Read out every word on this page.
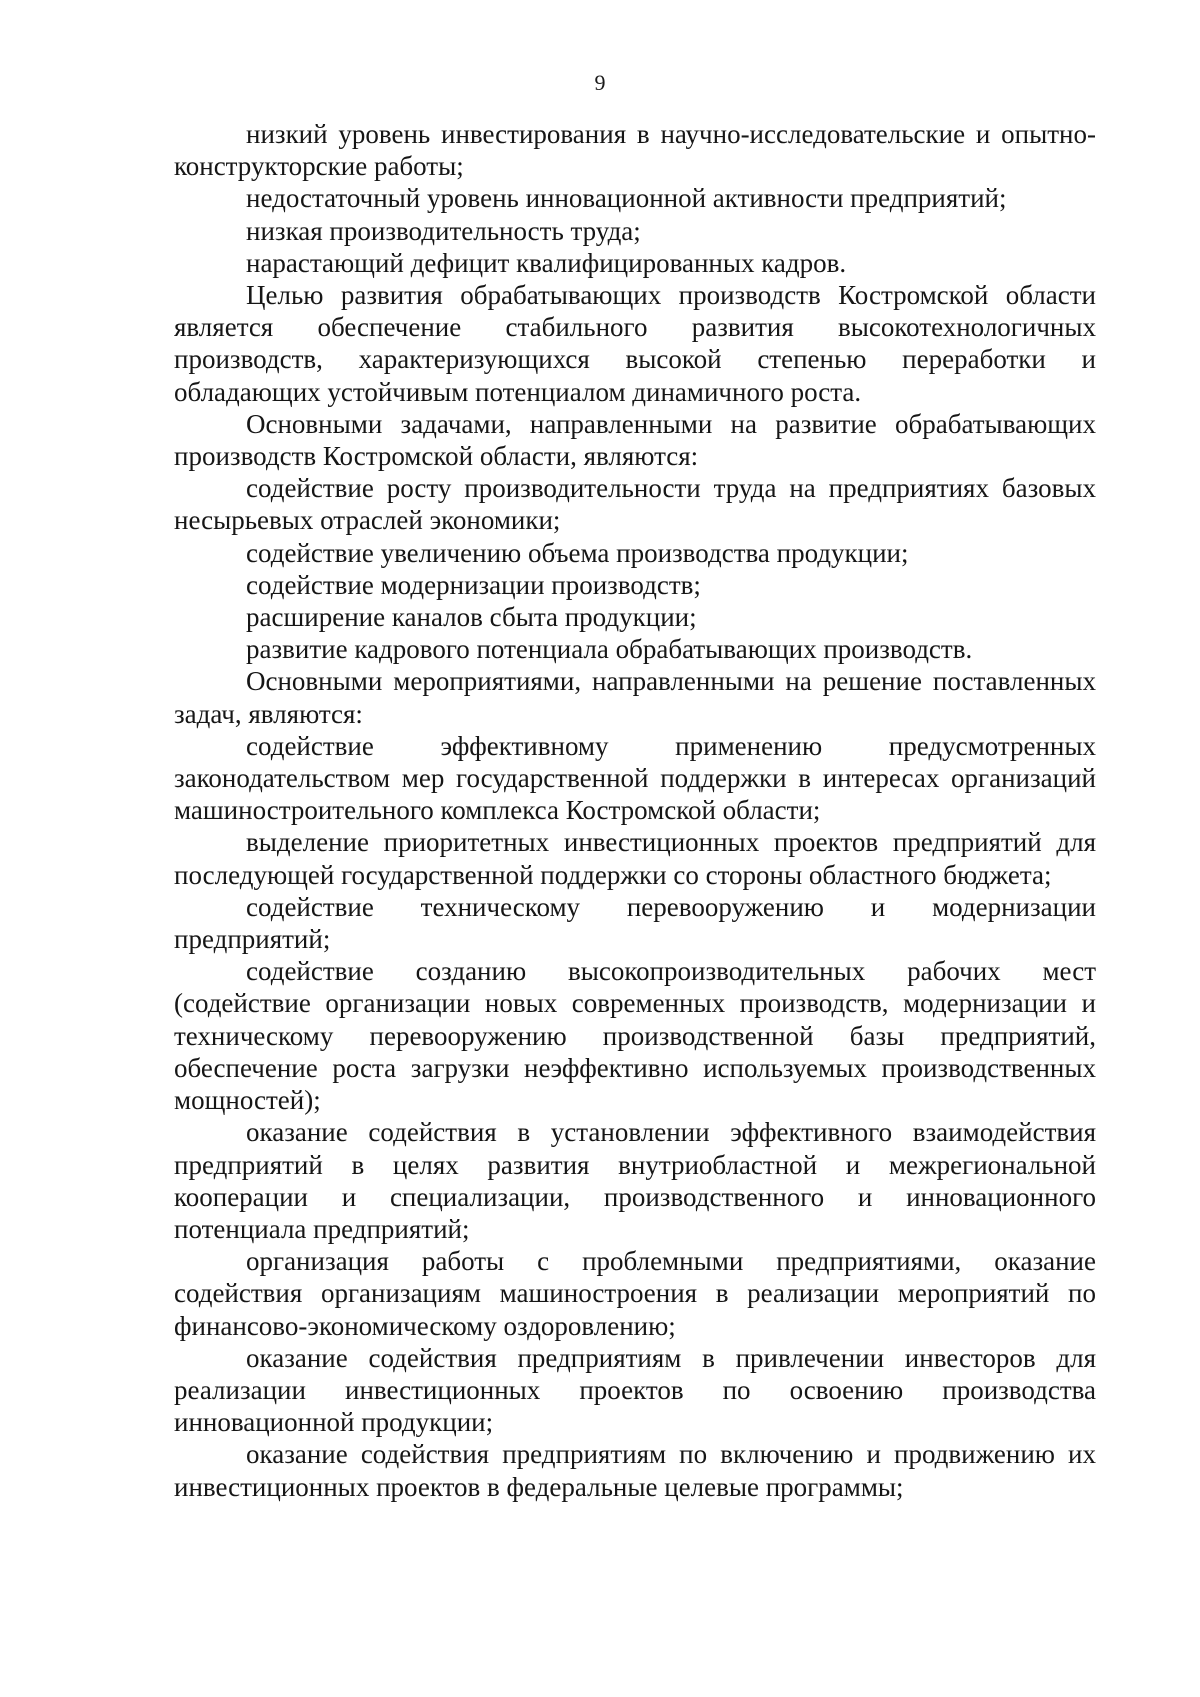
9

низкий уровень инвестирования в научно-исследовательские и опытно-конструкторские работы;

недостаточный уровень инновационной активности предприятий;

низкая производительность труда;

нарастающий дефицит квалифицированных кадров.

Целью развития обрабатывающих производств Костромской области является обеспечение стабильного развития высокотехнологичных производств, характеризующихся высокой степенью переработки и обладающих устойчивым потенциалом динамичного роста.

Основными задачами, направленными на развитие обрабатывающих производств Костромской области, являются:

содействие росту производительности труда на предприятиях базовых несырьевых отраслей экономики;

содействие увеличению объема производства продукции;

содействие модернизации производств;

расширение каналов сбыта продукции;

развитие кадрового потенциала обрабатывающих производств.

Основными мероприятиями, направленными на решение поставленных задач, являются:

содействие эффективному применению предусмотренных законодательством мер государственной поддержки в интересах организаций машиностроительного комплекса Костромской области;

выделение приоритетных инвестиционных проектов предприятий для последующей государственной поддержки со стороны областного бюджета;

содействие техническому перевооружению и модернизации предприятий;

содействие созданию высокопроизводительных рабочих мест (содействие организации новых современных производств, модернизации и техническому перевооружению производственной базы предприятий, обеспечение роста загрузки неэффективно используемых производственных мощностей);

оказание содействия в установлении эффективного взаимодействия предприятий в целях развития внутриобластной и межрегиональной кооперации и специализации, производственного и инновационного потенциала предприятий;

организация работы с проблемными предприятиями, оказание содействия организациям машиностроения в реализации мероприятий по финансово-экономическому оздоровлению;

оказание содействия предприятиям в привлечении инвесторов для реализации инвестиционных проектов по освоению производства инновационной продукции;

оказание содействия предприятиям по включению и продвижению их инвестиционных проектов в федеральные целевые программы;
